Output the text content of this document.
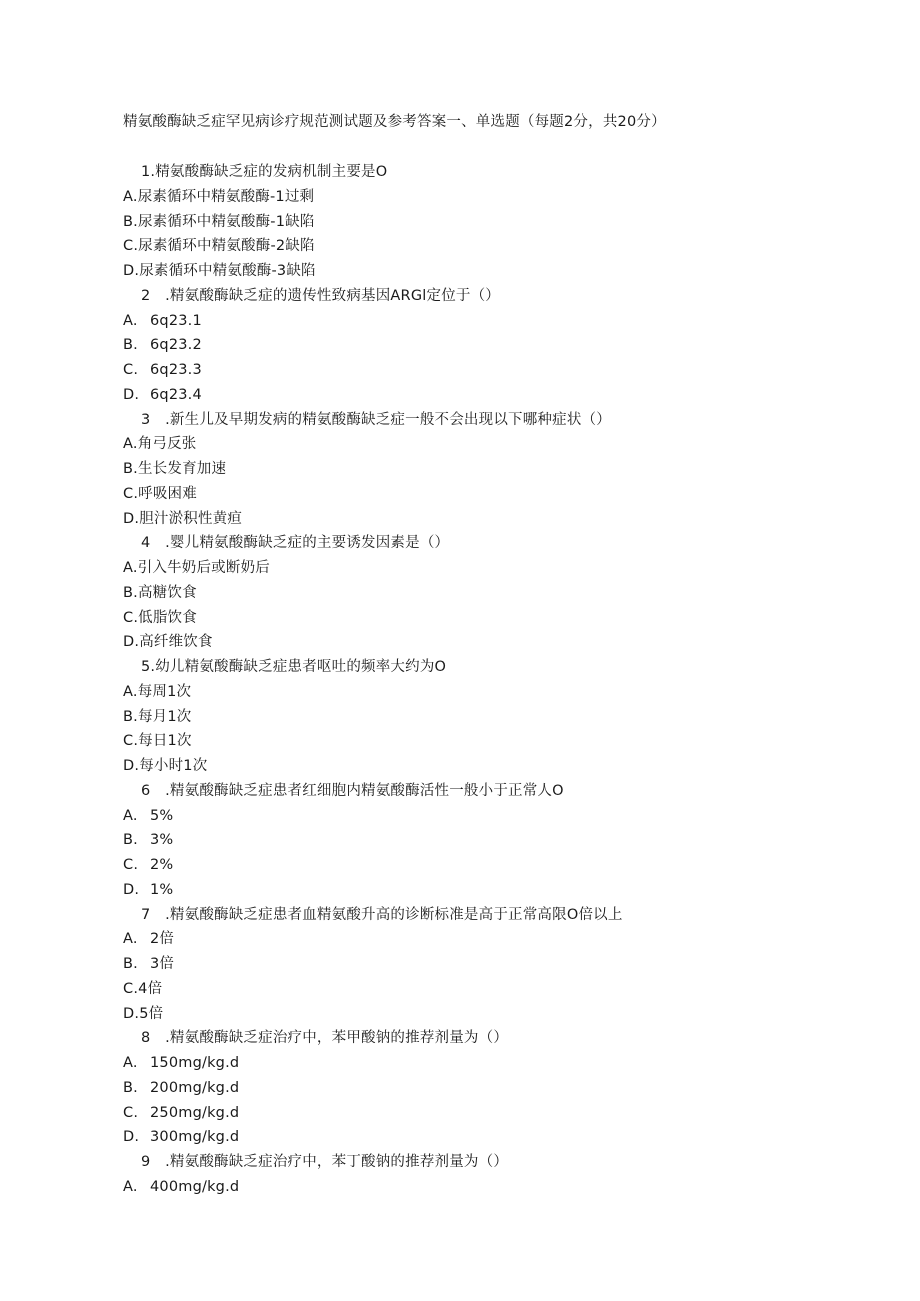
精氨酸酶缺乏症罕见病诊疗规范测试题及参考答案一、单选题（每题2分，共20分）
1.精氨酸酶缺乏症的发病机制主要是O
A.尿素循环中精氨酸酶-1过剩
B.尿素循环中精氨酸酶-1缺陷
C.尿素循环中精氨酸酶-2缺陷
D.尿素循环中精氨酸酶-3缺陷
2　.精氨酸酶缺乏症的遗传性致病基因ARGl定位于（）
A. 6q23.1
B. 6q23.2
C. 6q23.3
D. 6q23.4
3　.新生儿及早期发病的精氨酸酶缺乏症一般不会出现以下哪种症状（）
A.角弓反张
B.生长发育加速
C.呼吸困难
D.胆汁淤积性黄疸
4　.婴儿精氨酸酶缺乏症的主要诱发因素是（）
A.引入牛奶后或断奶后
B.高糖饮食
C.低脂饮食
D.高纤维饮食
5.幼儿精氨酸酶缺乏症患者呕吐的频率大约为O
A.每周1次
B.每月1次
C.每日1次
D.每小时1次
6　.精氨酸酶缺乏症患者红细胞内精氨酸酶活性一般小于正常人O
A. 5%
B. 3%
C. 2%
D. 1%
7　.精氨酸酶缺乏症患者血精氨酸升高的诊断标准是高于正常高限O倍以上
A. 2倍
B. 3倍
C.4倍
D.5倍
8　.精氨酸酶缺乏症治疗中，苯甲酸钠的推荐剂量为（）
A. 150mg∕kg.d
B. 200mg∕kg.d
C. 250mg∕kg.d
D. 300mg∕kg.d
9　.精氨酸酶缺乏症治疗中，苯丁酸钠的推荐剂量为（）
A. 400mg∕kg.d
